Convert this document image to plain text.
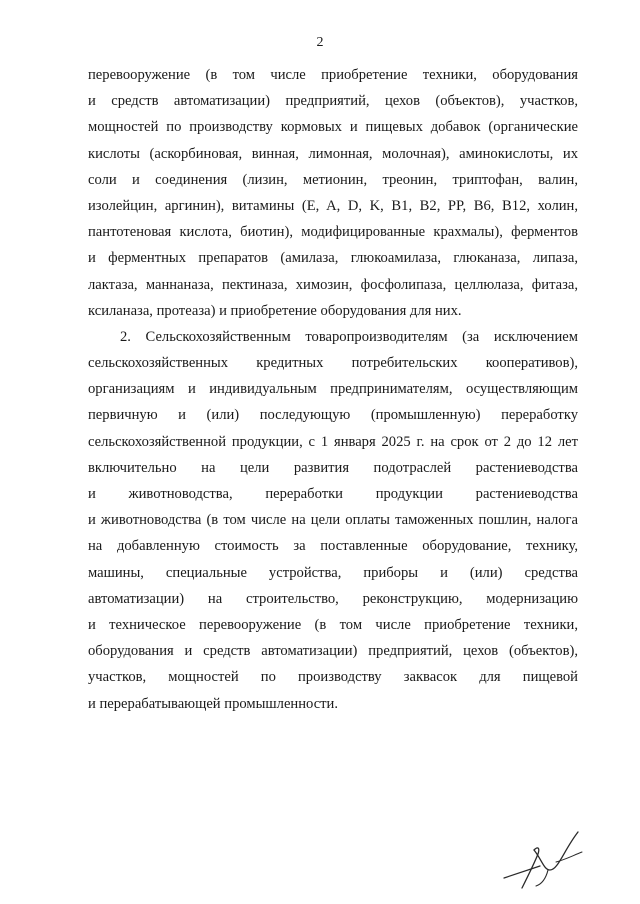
2
перевооружение (в том числе приобретение техники, оборудования
и средств автоматизации) предприятий, цехов (объектов), участков,
мощностей по производству кормовых и пищевых добавок (органические
кислоты (аскорбиновая, винная, лимонная, молочная), аминокислоты, их
соли и соединения (лизин, метионин, треонин, триптофан, валин,
изолейцин, аргинин), витамины (E, A, D, K, B1, B2, PP, B6, B12, холин,
пантотеновая кислота, биотин), модифицированные крахмалы), ферментов
и ферментных препаратов (амилаза, глюкоамилаза, глюканаза, липаза,
лактаза, маннаназа, пектиназа, химозин, фосфолипаза, целлюлаза, фитаза,
ксиланаза, протеаза) и приобретение оборудования для них.
2. Сельскохозяйственным товаропроизводителям (за исключением
сельскохозяйственных кредитных потребительских кооперативов),
организациям и индивидуальным предпринимателям, осуществляющим
первичную и (или) последующую (промышленную) переработку
сельскохозяйственной продукции, с 1 января 2025 г. на срок от 2 до 12 лет
включительно на цели развития подотраслей растениеводства
и животноводства, переработки продукции растениеводства
и животноводства (в том числе на цели оплаты таможенных пошлин, налога
на добавленную стоимость за поставленные оборудование, технику,
машины, специальные устройства, приборы и (или) средства
автоматизации) на строительство, реконструкцию, модернизацию
и техническое перевооружение (в том числе приобретение техники,
оборудования и средств автоматизации) предприятий, цехов (объектов),
участков, мощностей по производству заквасок для пищевой
и перерабатывающей промышленности.
